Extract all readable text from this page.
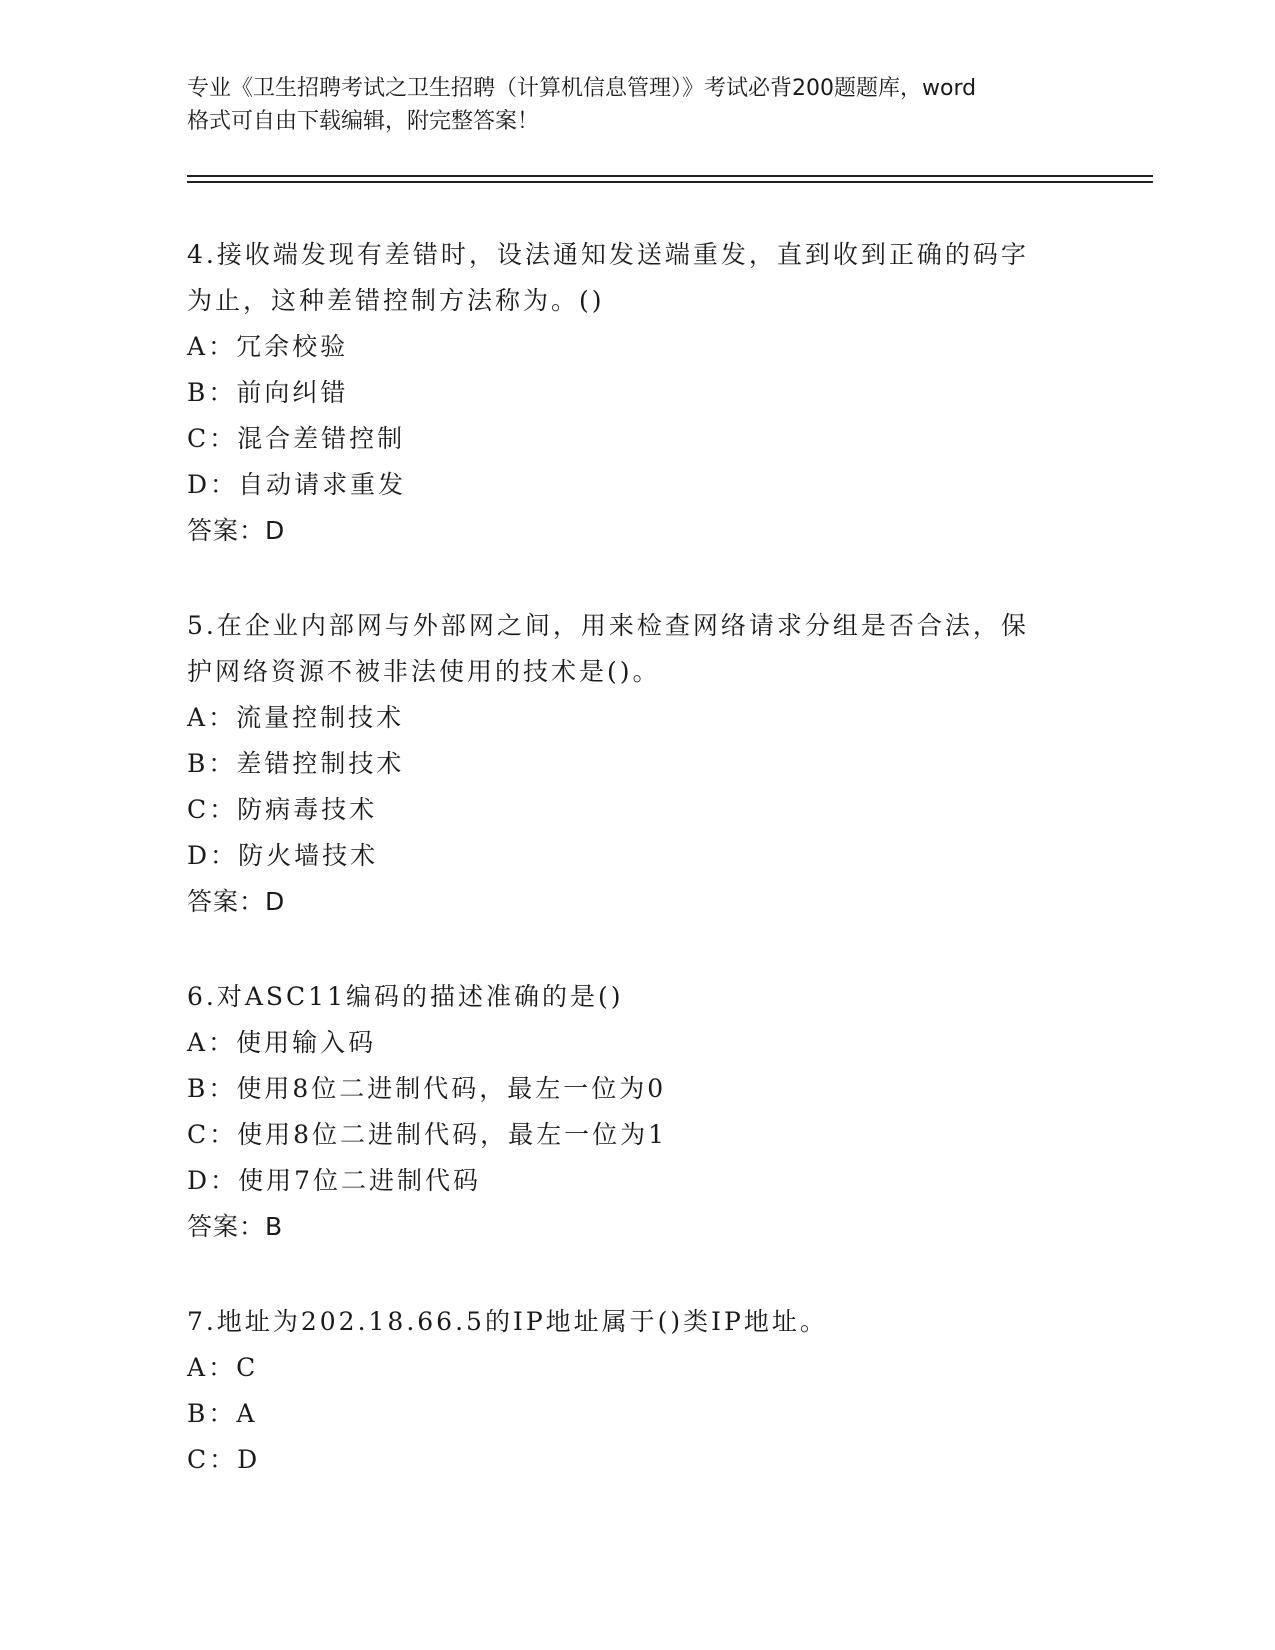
专业《卫生招聘考试之卫生招聘（计算机信息管理）》考试必背200题题库，word
格式可自由下载编辑，附完整答案！
4.接收端发现有差错时，设法通知发送端重发，直到收到正确的码字
为止，这种差错控制方法称为。()
A：冗余校验
B：前向纠错
C：混合差错控制
D：自动请求重发
答案：D
5.在企业内部网与外部网之间，用来检查网络请求分组是否合法，保
护网络资源不被非法使用的技术是()。
A：流量控制技术
B：差错控制技术
C：防病毒技术
D：防火墙技术
答案：D
6.对ASC11编码的描述准确的是()
A：使用输入码
B：使用8位二进制代码，最左一位为0
C：使用8位二进制代码，最左一位为1
D：使用7位二进制代码
答案：B
7.地址为202.18.66.5的IP地址属于()类IP地址。
A：C
B：A
C：D
